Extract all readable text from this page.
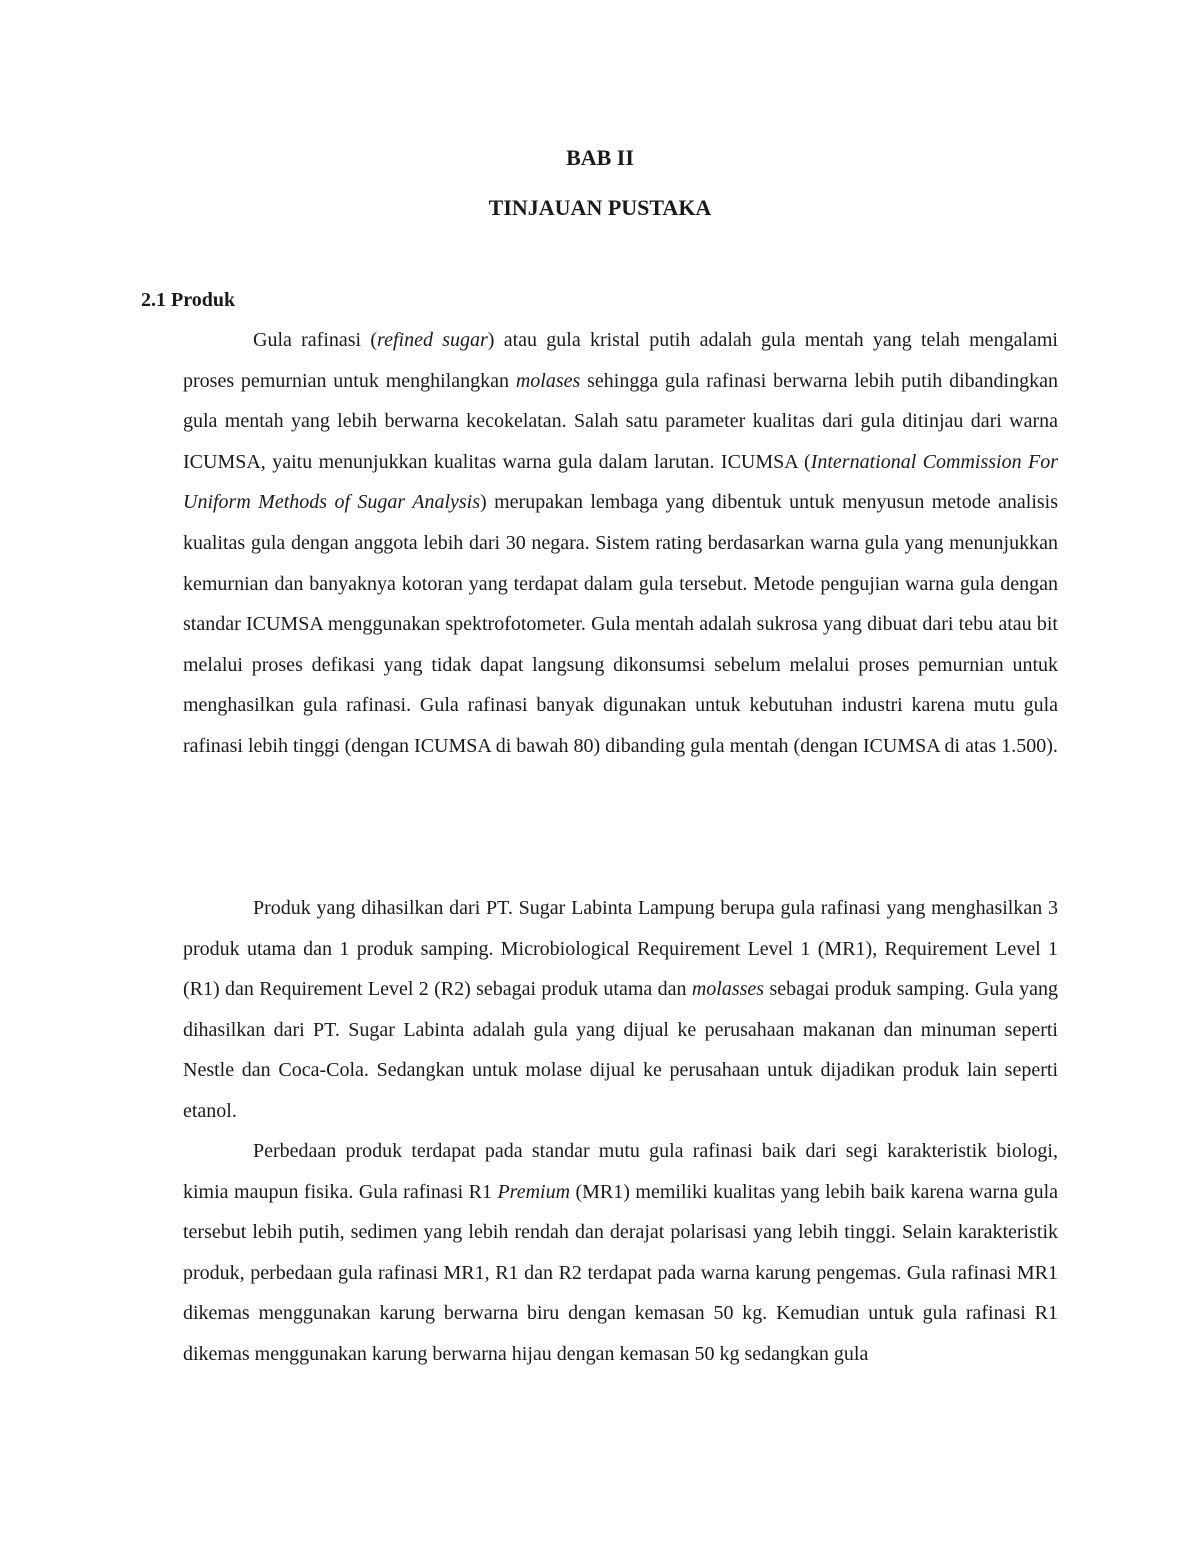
BAB II
TINJAUAN PUSTAKA
2.1 Produk

Gula rafinasi (refined sugar) atau gula kristal putih adalah gula mentah yang telah mengalami proses pemurnian untuk menghilangkan molases sehingga gula rafinasi berwarna lebih putih dibandingkan gula mentah yang lebih berwarna kecokelatan. Salah satu parameter kualitas dari gula ditinjau dari warna ICUMSA, yaitu menunjukkan kualitas warna gula dalam larutan. ICUMSA (International Commission For Uniform Methods of Sugar Analysis) merupakan lembaga yang dibentuk untuk menyusun metode analisis kualitas gula dengan anggota lebih dari 30 negara. Sistem rating berdasarkan warna gula yang menunjukkan kemurnian dan banyaknya kotoran yang terdapat dalam gula tersebut. Metode pengujian warna gula dengan standar ICUMSA menggunakan spektrofotometer. Gula mentah adalah sukrosa yang dibuat dari tebu atau bit melalui proses defikasi yang tidak dapat langsung dikonsumsi sebelum melalui proses pemurnian untuk menghasilkan gula rafinasi. Gula rafinasi banyak digunakan untuk kebutuhan industri karena mutu gula rafinasi lebih tinggi (dengan ICUMSA di bawah 80) dibanding gula mentah (dengan ICUMSA di atas 1.500).

Produk yang dihasilkan dari PT. Sugar Labinta Lampung berupa gula rafinasi yang menghasilkan 3 produk utama dan 1 produk samping. Microbiological Requirement Level 1 (MR1), Requirement Level 1 (R1) dan Requirement Level 2 (R2) sebagai produk utama dan molasses sebagai produk samping. Gula yang dihasilkan dari PT. Sugar Labinta adalah gula yang dijual ke perusahaan makanan dan minuman seperti Nestle dan Coca-Cola. Sedangkan untuk molase dijual ke perusahaan untuk dijadikan produk lain seperti etanol.

Perbedaan produk terdapat pada standar mutu gula rafinasi baik dari segi karakteristik biologi, kimia maupun fisika. Gula rafinasi R1 Premium (MR1) memiliki kualitas yang lebih baik karena warna gula tersebut lebih putih, sedimen yang lebih rendah dan derajat polarisasi yang lebih tinggi. Selain karakteristik produk, perbedaan gula rafinasi MR1, R1 dan R2 terdapat pada warna karung pengemas. Gula rafinasi MR1 dikemas menggunakan karung berwarna biru dengan kemasan 50 kg. Kemudian untuk gula rafinasi R1 dikemas menggunakan karung berwarna hijau dengan kemasan 50 kg sedangkan gula
